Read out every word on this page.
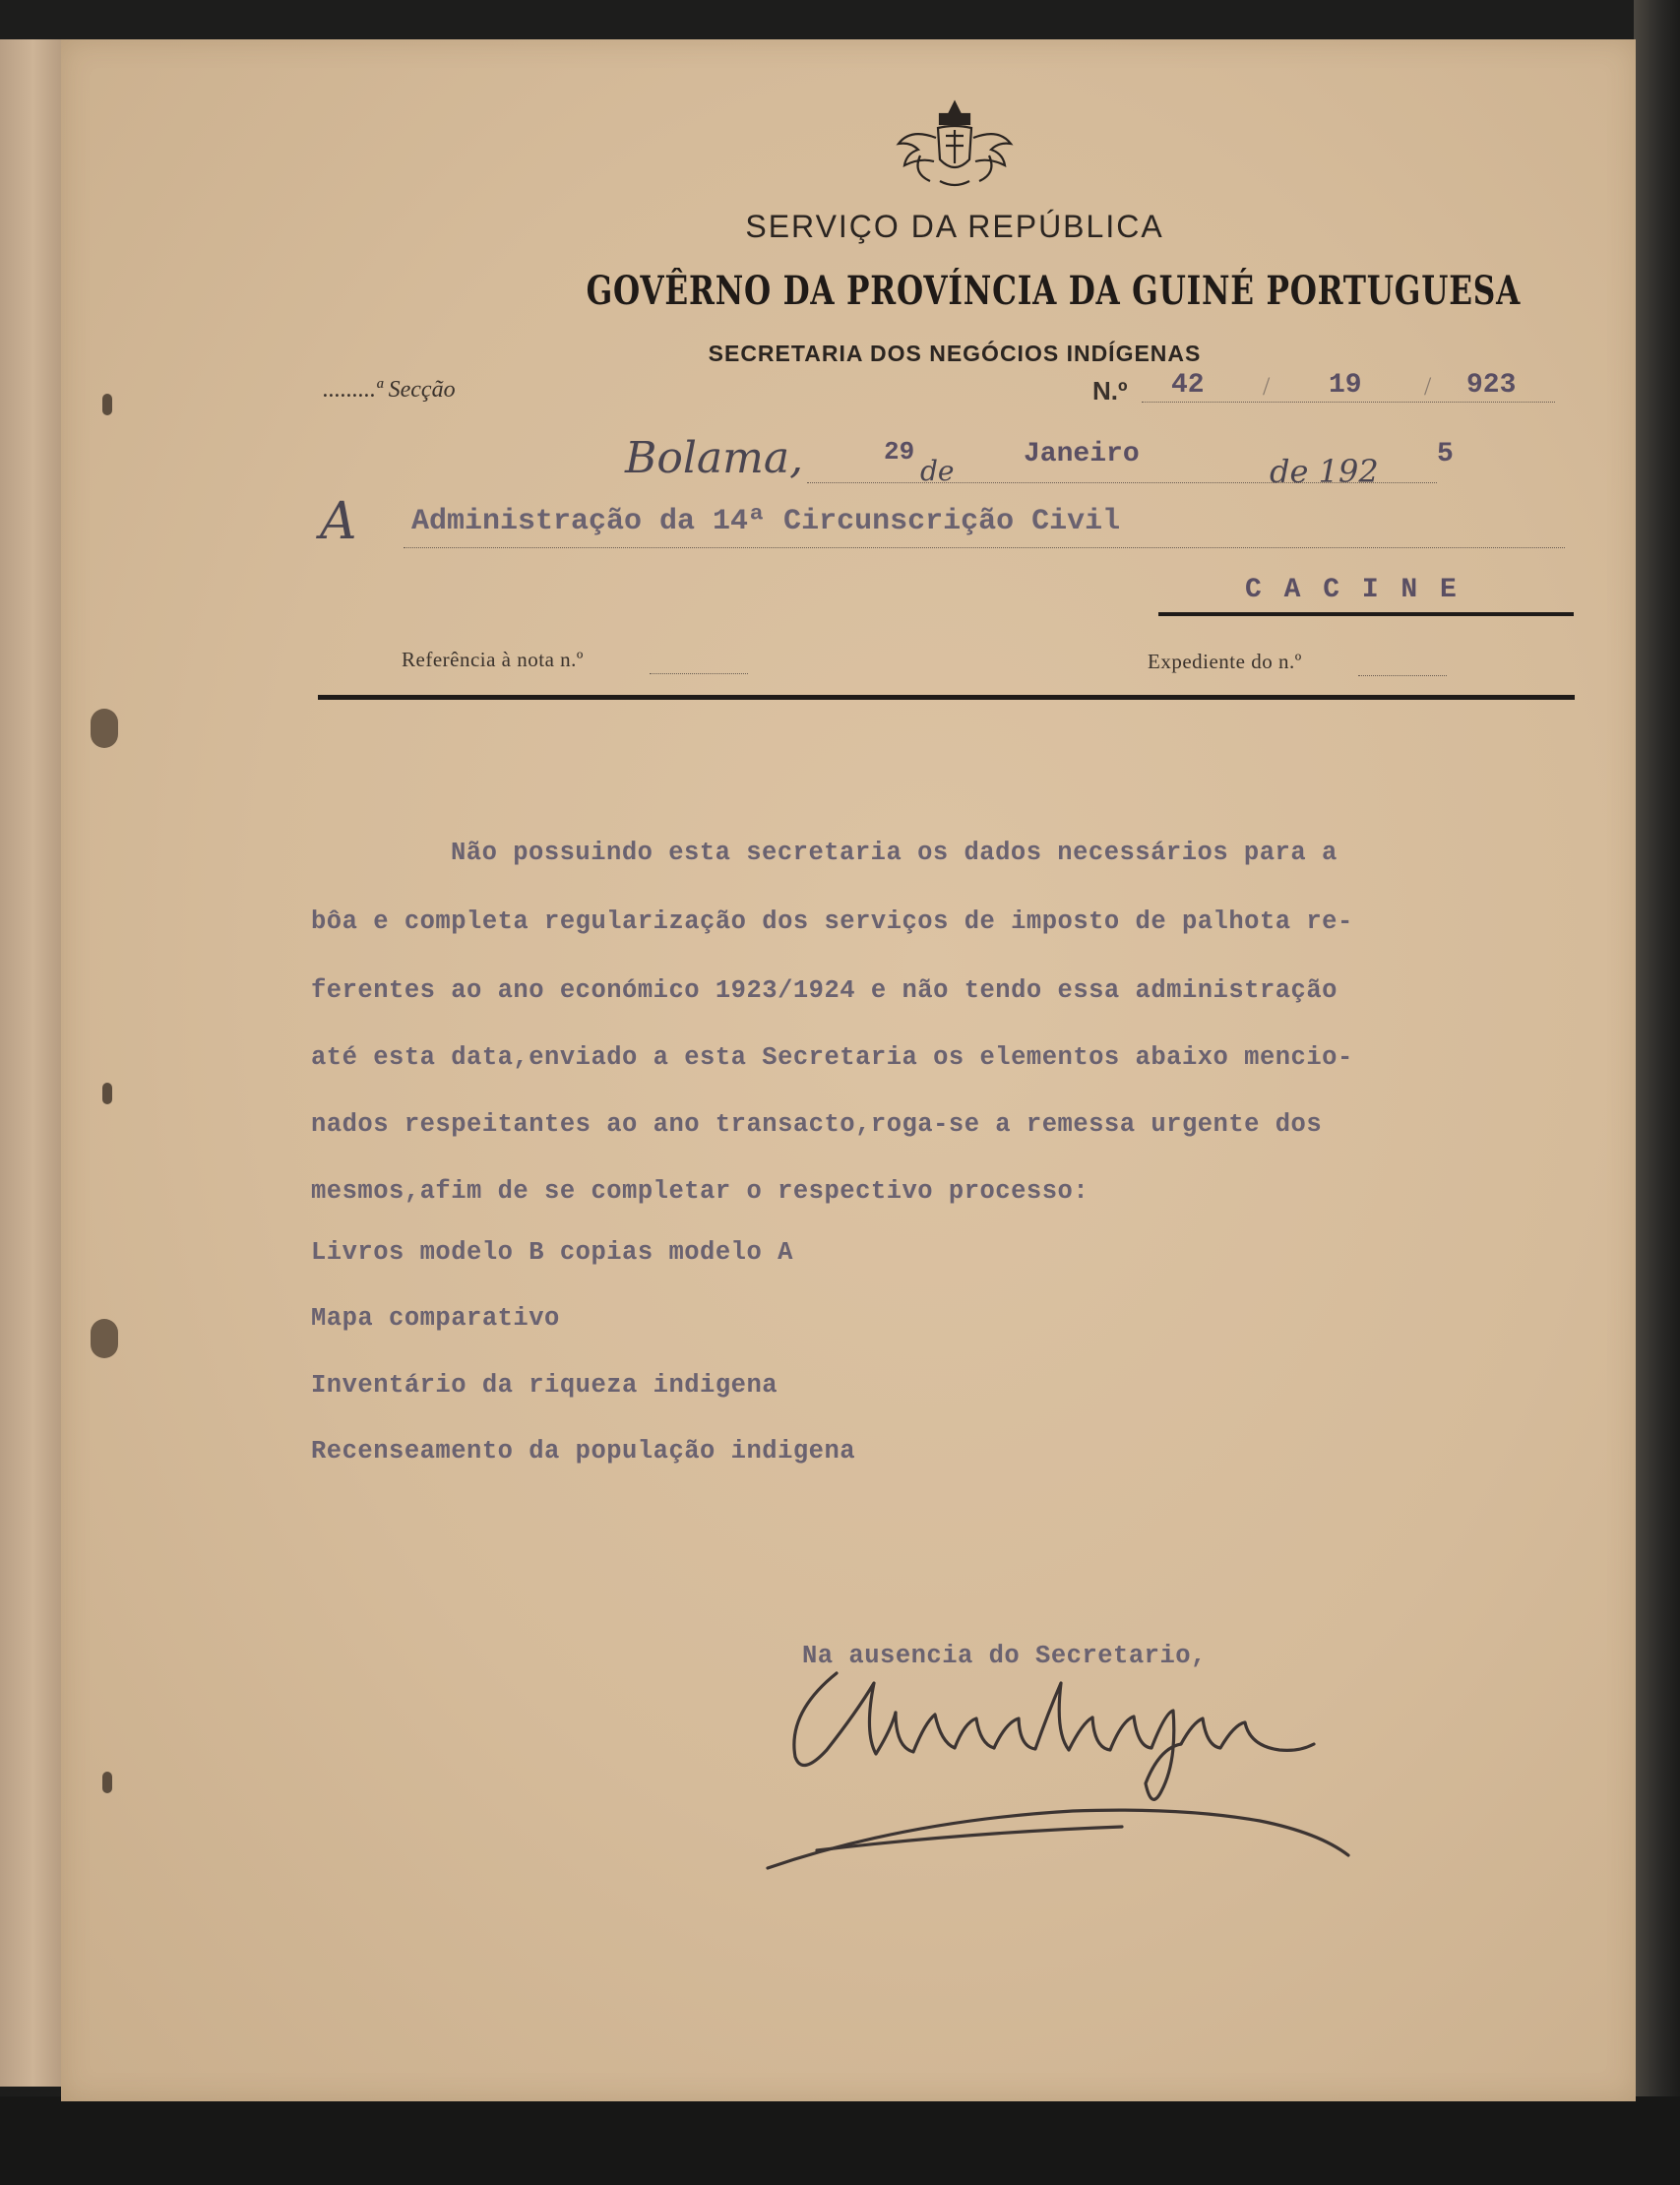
SERVIÇO DA REPÚBLICA
GOVÊRNO DA PROVÍNCIA DA GUINÉ PORTUGUESA
SECRETARIA DOS NEGÓCIOS INDÍGENAS
.........ª Secção	N.º 42 / 19 / 923
Bolama,	29
de
Janeiro	de 192 5
A Administração da 14ª Circunscrição Civil
C A C I N E
Referência à nota n.º	Expediente do n.º
Não possuindo esta secretaria os dados necessários para a
bôa e completa regularização dos serviços de imposto de palhota re-
ferentes ao ano económico 1923/1924 e não tendo essa administração
até esta data,enviado a esta Secretaria os elementos abaixo mencio-
nados respeitantes ao ano transacto,roga-se a remessa urgente dos
mesmos,afim de se completar o respectivo processo:
Livros modelo B copias modelo A
Mapa comparativo
Inventário da riqueza indigena
Recenseamento da população indigena
Na ausencia do Secretario,
